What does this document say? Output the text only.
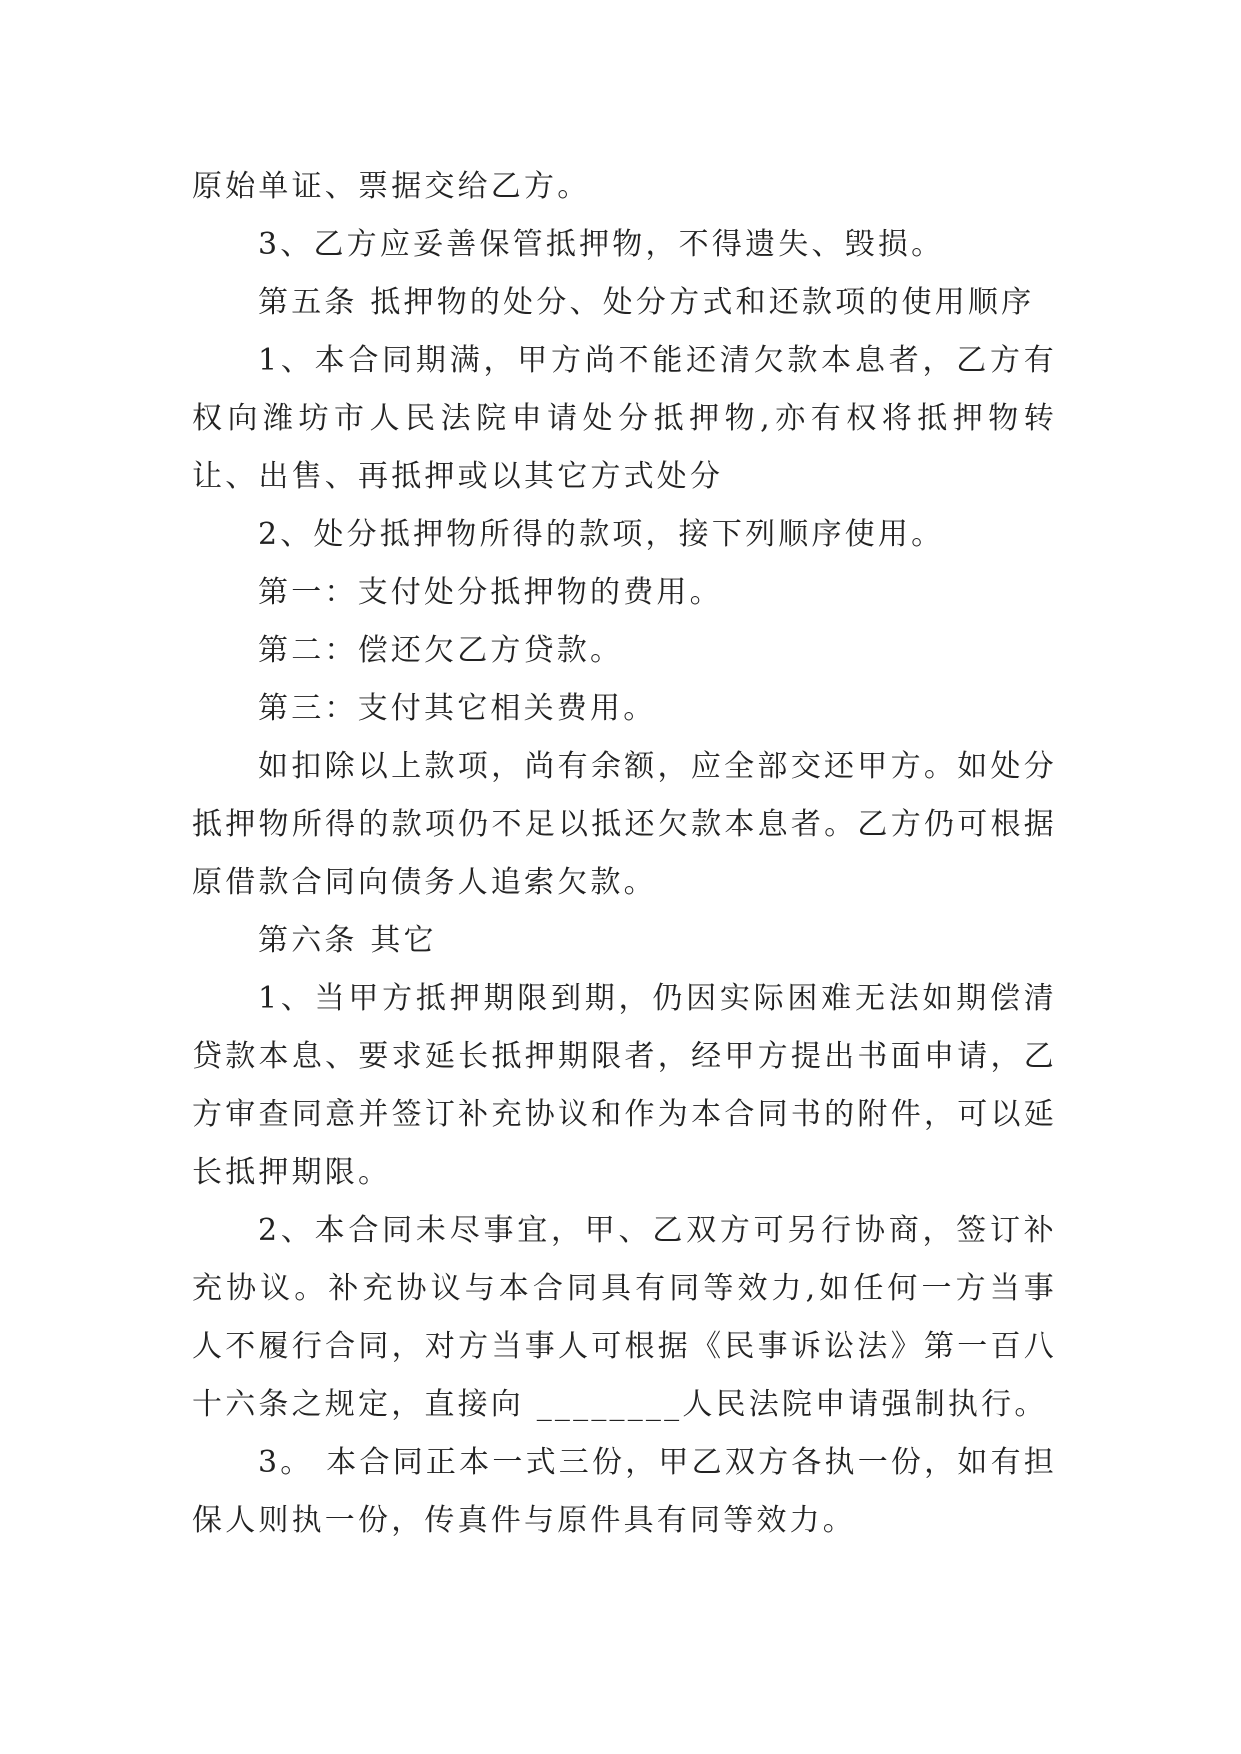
原始单证、票据交给乙方。

3、乙方应妥善保管抵押物，不得遗失、毁损。

第五条 抵押物的处分、处分方式和还款项的使用顺序

1、本合同期满，甲方尚不能还清欠款本息者，乙方有权向潍坊市人民法院申请处分抵押物,亦有权将抵押物转让、出售、再抵押或以其它方式处分

2、处分抵押物所得的款项，接下列顺序使用。

第一：支付处分抵押物的费用。

第二：偿还欠乙方贷款。

第三：支付其它相关费用。

如扣除以上款项，尚有余额，应全部交还甲方。如处分抵押物所得的款项仍不足以抵还欠款本息者。乙方仍可根据原借款合同向债务人追索欠款。

第六条 其它

1、当甲方抵押期限到期，仍因实际困难无法如期偿清贷款本息、要求延长抵押期限者，经甲方提出书面申请，乙方审查同意并签订补充协议和作为本合同书的附件，可以延长抵押期限。

2、本合同未尽事宜，甲、乙双方可另行协商，签订补充协议。补充协议与本合同具有同等效力,如任何一方当事人不履行合同，对方当事人可根据《民事诉讼法》第一百八十六条之规定，直接向 ________人民法院申请强制执行。

3。 本合同正本一式三份，甲乙双方各执一份，如有担保人则执一份，传真件与原件具有同等效力。
